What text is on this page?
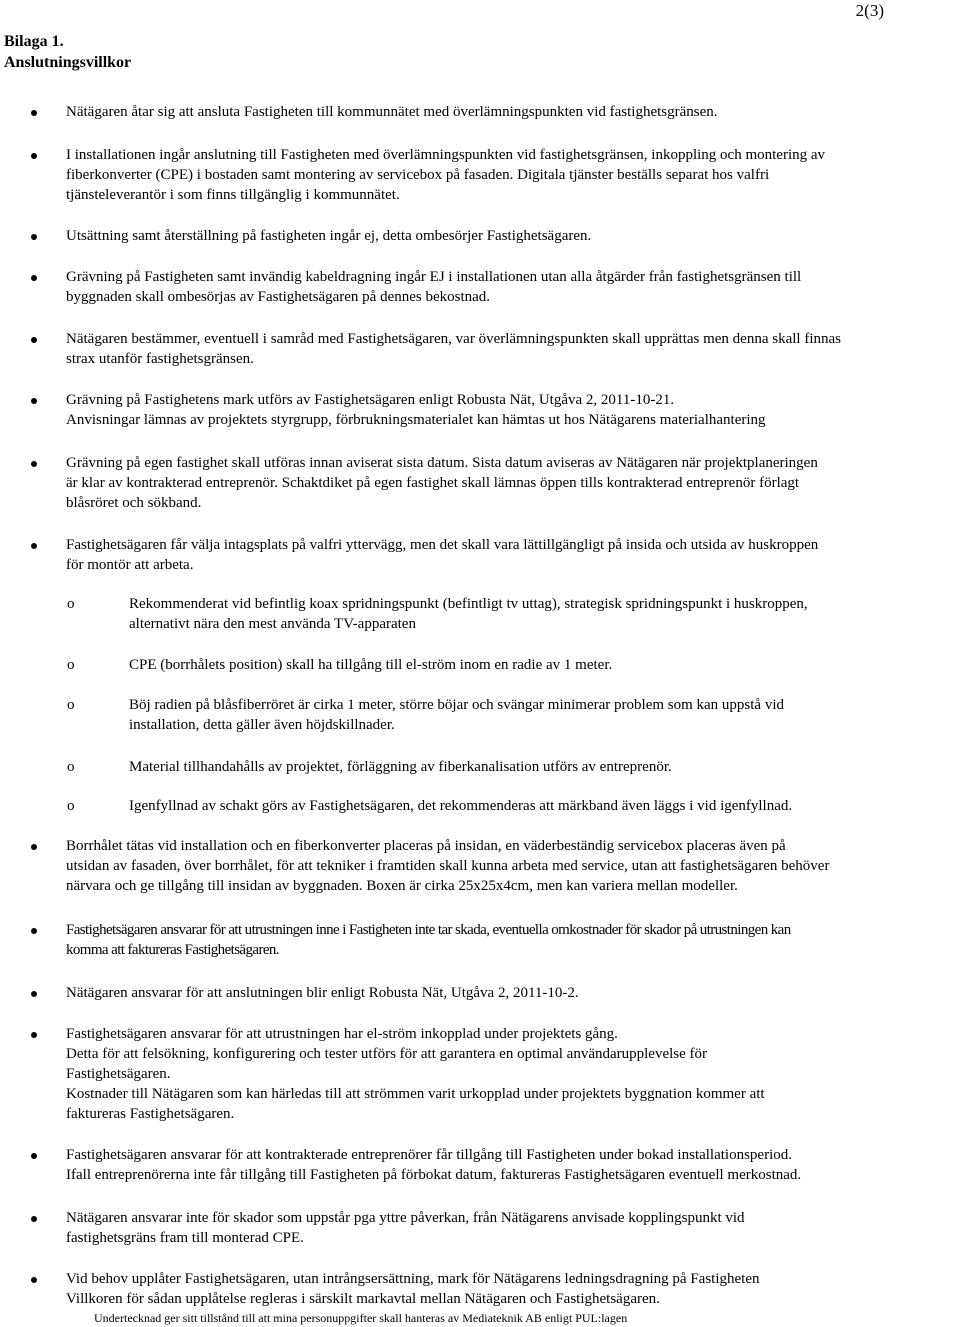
Bilaga 1.
Anslutningsvillkor
2(3)
Nätägaren åtar sig att ansluta Fastigheten till kommunnätet med överlämningspunkten vid fastighetsgränsen.
I installationen ingår anslutning till Fastigheten med överlämningspunkten vid fastighetsgränsen, inkoppling och montering av
fiberkonverter (CPE) i bostaden samt montering av servicebox på fasaden. Digitala tjänster beställs separat hos valfri
tjänsteleverantör i som finns tillgänglig i kommunnätet.
Utsättning samt återställning på fastigheten ingår ej, detta ombesörjer Fastighetsägaren.
Grävning på Fastigheten samt invändig kabeldragning ingår EJ i installationen utan alla åtgärder från fastighetsgränsen till
byggnaden skall ombesörjas av Fastighetsägaren på dennes bekostnad.
Nätägaren bestämmer, eventuell i samråd med Fastighetsägaren, var överlämningspunkten skall upprättas men denna skall finnas
strax utanför fastighetsgränsen.
Grävning på Fastighetens mark utförs av Fastighetsägaren enligt Robusta Nät, Utgåva 2, 2011-10-21.
Anvisningar lämnas av projektets styrgrupp, förbrukningsmaterialet kan hämtas ut hos Nätägarens materialhantering
Grävning på egen fastighet skall utföras innan aviserat sista datum. Sista datum aviseras av Nätägaren när projektplaneringen
är klar av kontrakterad entreprenör. Schaktdiket på egen fastighet skall lämnas öppen tills kontrakterad entreprenör förlagt
blåsröret och sökband.
Fastighetsägaren får välja intagsplats på valfri yttervägg, men det skall vara lättillgängligt på insida och utsida av huskroppen
för montör att arbeta.
o	Rekommenderat vid befintlig koax spridningspunkt (befintligt tv uttag), strategisk spridningspunkt i huskroppen,
alternativt nära den mest använda TV-apparaten
o	CPE (borrhålets position) skall ha tillgång till el-ström inom en radie av 1 meter.
o	Böj radien på blåsfiberröret är cirka 1 meter, större böjar och svängar minimerar problem som kan uppstå vid
installation, detta gäller även höjdskillnader.
o	Material tillhandahålls av projektet, förläggning av fiberkanalisation utförs av entreprenör.
o	Igenfyllnad av schakt görs av Fastighetsägaren, det rekommenderas att märkband även läggs i vid igenfyllnad.
Borrhålet tätas vid installation och en fiberkonverter placeras på insidan, en väderbeständig servicebox placeras även på
utsidan av fasaden, över borrhålet, för att tekniker i framtiden skall kunna arbeta med service, utan att fastighetsägaren behöver
närvara och ge tillgång till insidan av byggnaden. Boxen är cirka 25x25x4cm, men kan variera mellan modeller.
Fastighetsägaren ansvarar för att utrustningen inne i Fastigheten inte tar skada, eventuella omkostnader för skador på utrustningen kan
komma att faktureras Fastighetsägaren.
Nätägaren ansvarar för att anslutningen blir enligt Robusta Nät, Utgåva 2, 2011-10-2.
Fastighetsägaren ansvarar för att utrustningen har el-ström inkopplad under projektets gång.
Detta för att felsökning, konfigurering och tester utförs för att garantera en optimal användarupplevelse för
Fastighetsägaren.
Kostnader till Nätägaren som kan härledas till att strömmen varit urkopplad under projektets byggnation kommer att
faktureras Fastighetsägaren.
Fastighetsägaren ansvarar för att kontrakterade entreprenörer får tillgång till Fastigheten under bokad installationsperiod.
Ifall entreprenörerna inte får tillgång till Fastigheten på förbokat datum, faktureras Fastighetsägaren eventuell merkostnad.
Nätägaren ansvarar inte för skador som uppstår pga yttre påverkan, från Nätägarens anvisade kopplingspunkt vid
fastighetsgräns fram till monterad CPE.
Vid behov upplåter Fastighetsägaren, utan intrångsersättning, mark för Nätägarens ledningsdragning på Fastigheten
Villkoren för sådan upplåtelse regleras i särskilt markavtal mellan Nätägaren och Fastighetsägaren.
Undertecknad ger sitt tillstånd till att mina personuppgifter skall hanteras av Mediateknik AB enligt PUL:lagen
